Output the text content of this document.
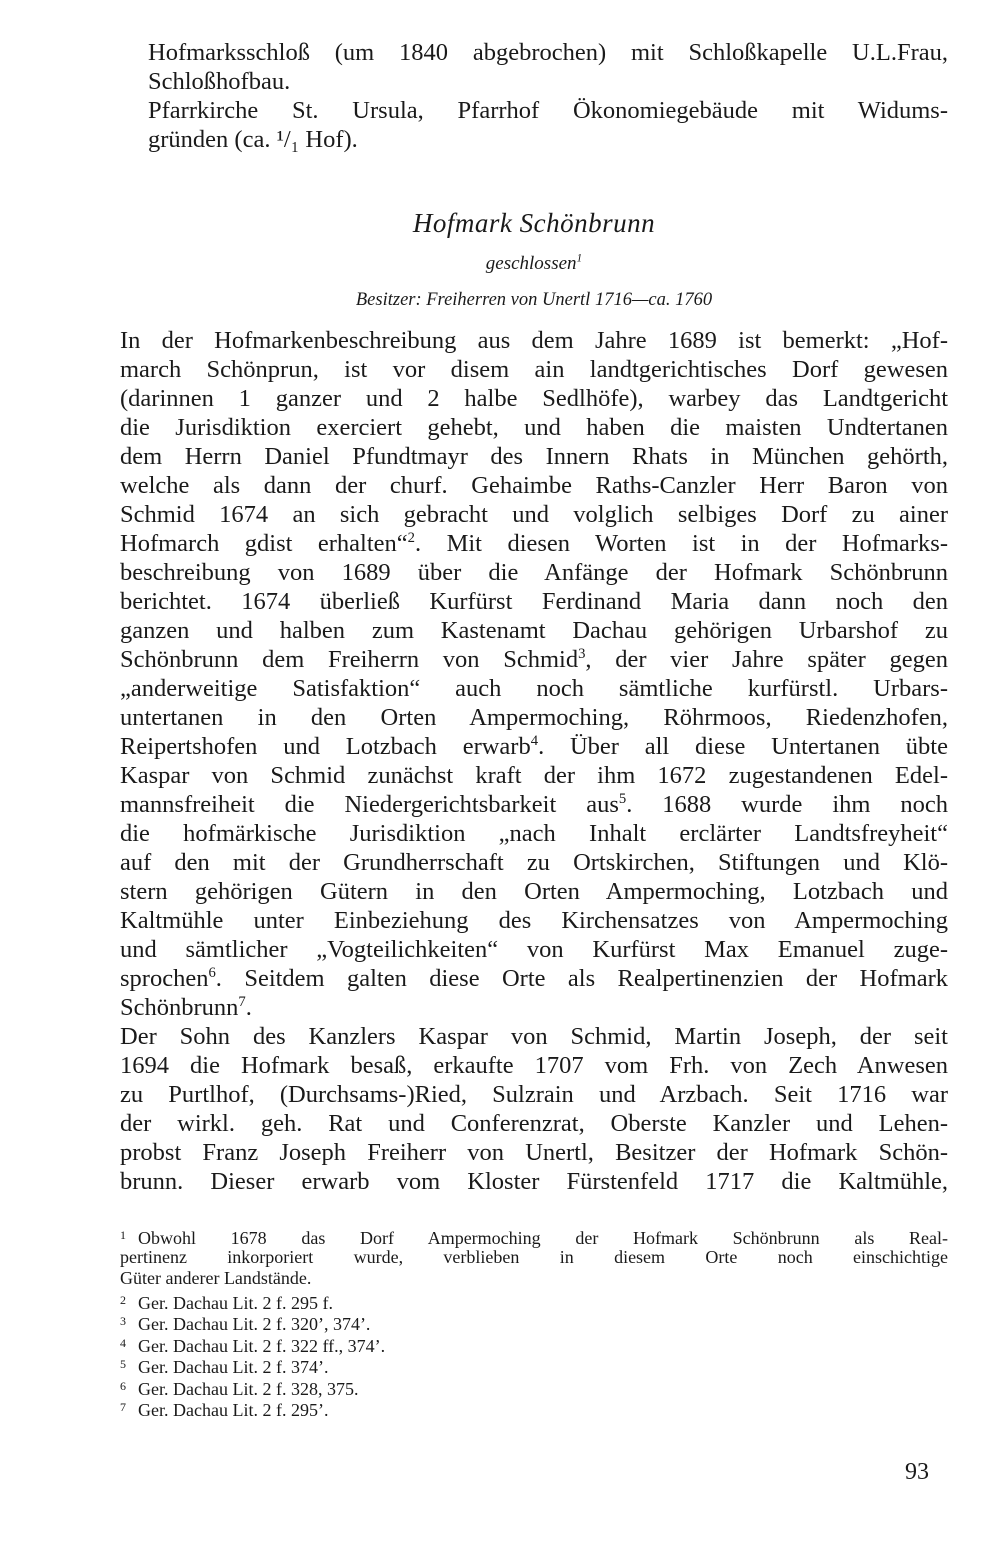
Hofmarksschloß (um 1840 abgebrochen) mit Schloßkapelle U.L.Frau,
Schloßhofbau.
Pfarrkirche St. Ursula, Pfarrhof Ökonomiegebäude mit Widums-
gründen (ca. ¹/₁ Hof).
Hofmark Schönbrunn
geschlossen$^1$
Besitzer: Freiherren von Unertl 1716—ca. 1760
In der Hofmarkenbeschreibung aus dem Jahre 1689 ist bemerkt: „Hof-
march Schönprun, ist vor disem ain landtgerichtisches Dorf gewesen
(darinnen 1 ganzer und 2 halbe Sedlhöfe), warbey das Landtgericht
die Jurisdiktion exerciert gehebt, und haben die maisten Undtertanen
dem Herrn Daniel Pfundtmayr des Innern Rhats in München gehörth,
welche als dann der churf. Gehaimbe Raths-Canzler Herr Baron von
Schmid 1674 an sich gebracht und volglich selbiges Dorf zu ainer
Hofmarch gdist erhalten“$^2$. Mit diesen Worten ist in der Hofmarks-
beschreibung von 1689 über die Anfänge der Hofmark Schönbrunn
berichtet. 1674 überließ Kurfürst Ferdinand Maria dann noch den
ganzen und halben zum Kastenamt Dachau gehörigen Urbarshof zu
Schönbrunn dem Freiherrn von Schmid$^3$, der vier Jahre später gegen
„anderweitige Satisfaktion“ auch noch sämtliche kurfürstl. Urbars-
untertanen in den Orten Ampermoching, Röhrmoos, Riedenzhofen,
Reipertshofen und Lotzbach erwarb$^4$. Über all diese Untertanen übte
Kaspar von Schmid zunächst kraft der ihm 1672 zugestandenen Edel-
mannsfreiheit die Niedergerichtsbarkeit aus$^5$. 1688 wurde ihm noch
die hofmärkische Jurisdiktion „nach Inhalt erclärter Landtsfreyheit“
auf den mit der Grundherrschaft zu Ortskirchen, Stiftungen und Klö-
stern gehörigen Gütern in den Orten Ampermoching, Lotzbach und
Kaltmühle unter Einbeziehung des Kirchensatzes von Ampermoching
und sämtlicher „Vogteilichkeiten“ von Kurfürst Max Emanuel zuge-
sprochen$^6$. Seitdem galten diese Orte als Realpertinenzien der Hofmark
Schönbrunn$^7$.
Der Sohn des Kanzlers Kaspar von Schmid, Martin Joseph, der seit
1694 die Hofmark besaß, erkaufte 1707 vom Frh. von Zech Anwesen
zu Purtlhof, (Durchsams-)Ried, Sulzrain und Arzbach. Seit 1716 war
der wirkl. geh. Rat und Conferenzrat, Oberste Kanzler und Lehen-
probst Franz Joseph Freiherr von Unertl, Besitzer der Hofmark Schön-
brunn. Dieser erwarb vom Kloster Fürstenfeld 1717 die Kaltmühle,
1 Obwohl 1678 das Dorf Ampermoching der Hofmark Schönbrunn als Real-
pertinenz inkorporiert wurde, verblieben in diesem Orte noch einschichtige
Güter anderer Landstände.
2 Ger. Dachau Lit. 2 f. 295 f.
3 Ger. Dachau Lit. 2 f. 320’, 374’.
4 Ger. Dachau Lit. 2 f. 322 ff., 374’.
5 Ger. Dachau Lit. 2 f. 374’.
6 Ger. Dachau Lit. 2 f. 328, 375.
7 Ger. Dachau Lit. 2 f. 295’.
93
